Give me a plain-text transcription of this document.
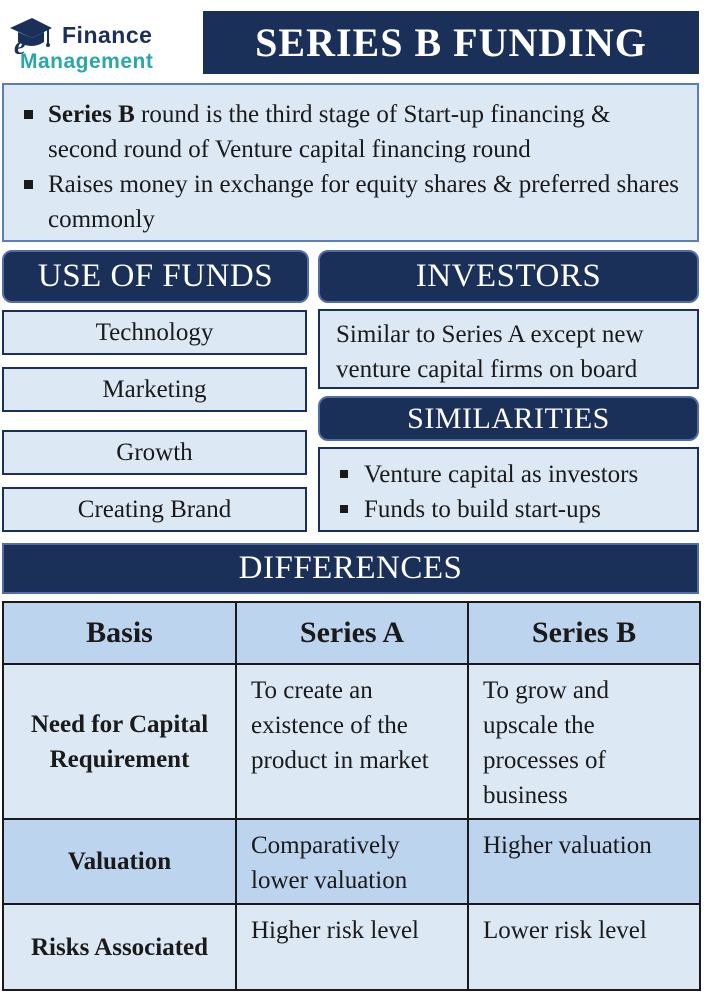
e Finance
Management	SERIES B FUNDING
Series B round is the third stage of Start-up financing & second round of Venture capital financing round
Raises money in exchange for equity shares & preferred shares commonly
USE OF FUNDS
Technology
Marketing
Growth
Creating Brand
INVESTORS
Similar to Series A except new venture capital firms on board
SIMILARITIES
Venture capital as investors
Funds to build start-ups
DIFFERENCES
Basis	Series A	Series B
Need for Capital Requirement	To create an existence of the product in market	To grow and upscale the processes of business
Valuation	Comparatively lower valuation	Higher valuation
Risks Associated	Higher risk level	Lower risk level
